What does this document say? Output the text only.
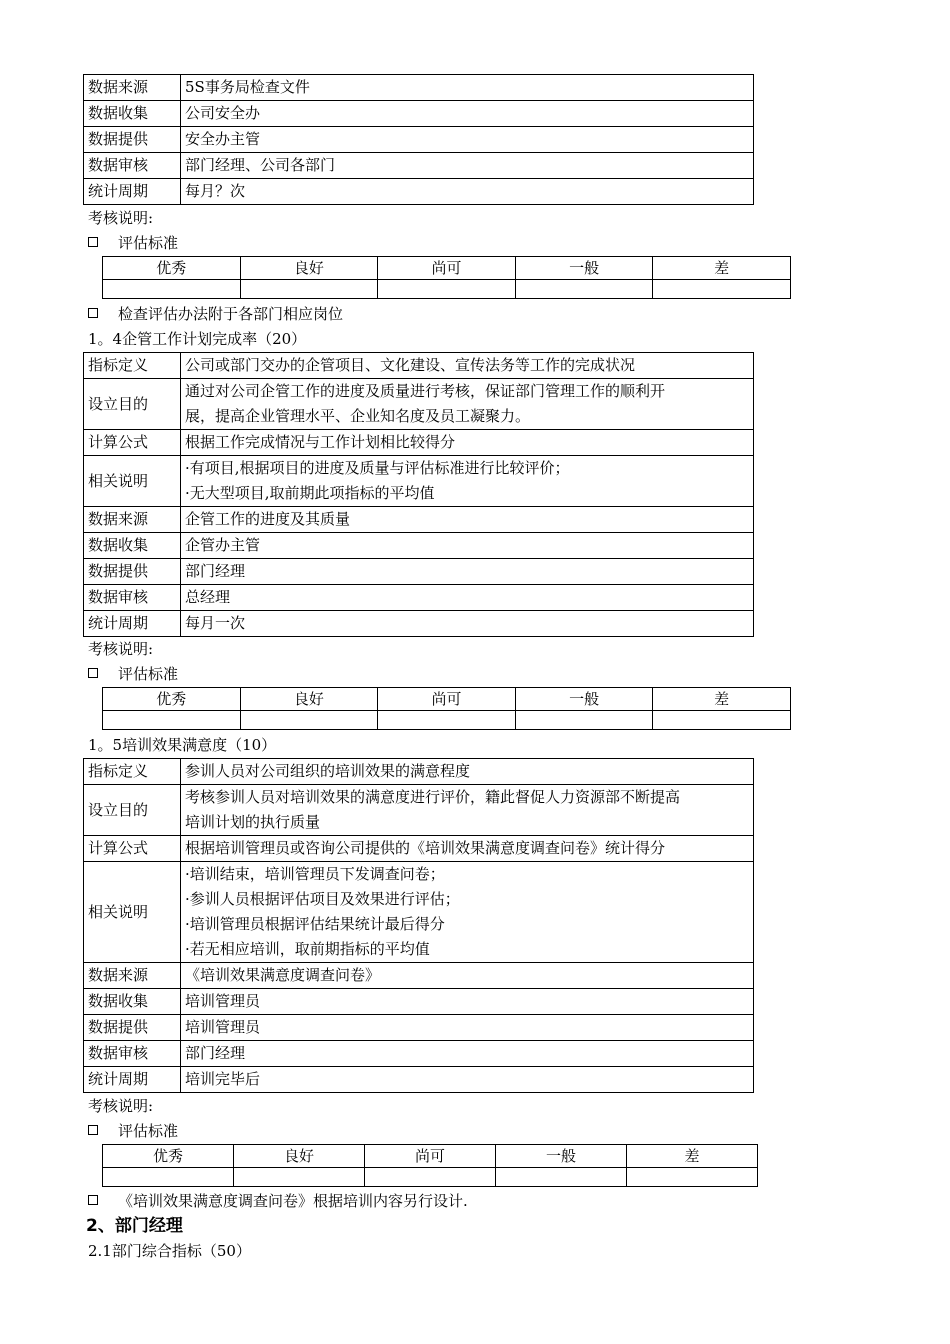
数据来源	5S事务局检查文件
数据收集	公司安全办
数据提供	安全办主管
数据审核	部门经理、公司各部门
统计周期	每月？次
考核说明:
评估标准
优秀	良好	尚可	一般	差

检查评估办法附于各部门相应岗位
1。4企管工作计划完成率（20）
指标定义	公司或部门交办的企管项目、文化建设、宣传法务等工作的完成状况
设立目的	通过对公司企管工作的进度及质量进行考核，保证部门管理工作的顺利开
展，提高企业管理水平、企业知名度及员工凝聚力。

计算公式	根据工作完成情况与工作计划相比较得分
相关说明	·有项目,根据项目的进度及质量与评估标准进行比较评价；
·无大型项目,取前期此项指标的平均值

数据来源	企管工作的进度及其质量
数据收集	企管办主管
数据提供	部门经理
数据审核	总经理
统计周期	每月一次
考核说明:
评估标准
优秀	良好	尚可	一般	差

1。5培训效果满意度（10）
指标定义	参训人员对公司组织的培训效果的满意程度
设立目的	考核参训人员对培训效果的满意度进行评价，籍此督促人力资源部不断提高
培训计划的执行质量

计算公式	根据培训管理员或咨询公司提供的《培训效果满意度调查问卷》统计得分
相关说明	·培训结束，培训管理员下发调查问卷；
·参训人员根据评估项目及效果进行评估；
·培训管理员根据评估结果统计最后得分
·若无相应培训，取前期指标的平均值

数据来源	《培训效果满意度调查问卷》
数据收集	培训管理员
数据提供	培训管理员
数据审核	部门经理
统计周期	培训完毕后
考核说明:
评估标准
优秀	良好	尚可	一般	差

《培训效果满意度调查问卷》根据培训内容另行设计.
2、部门经理
2.1部门综合指标（50）
